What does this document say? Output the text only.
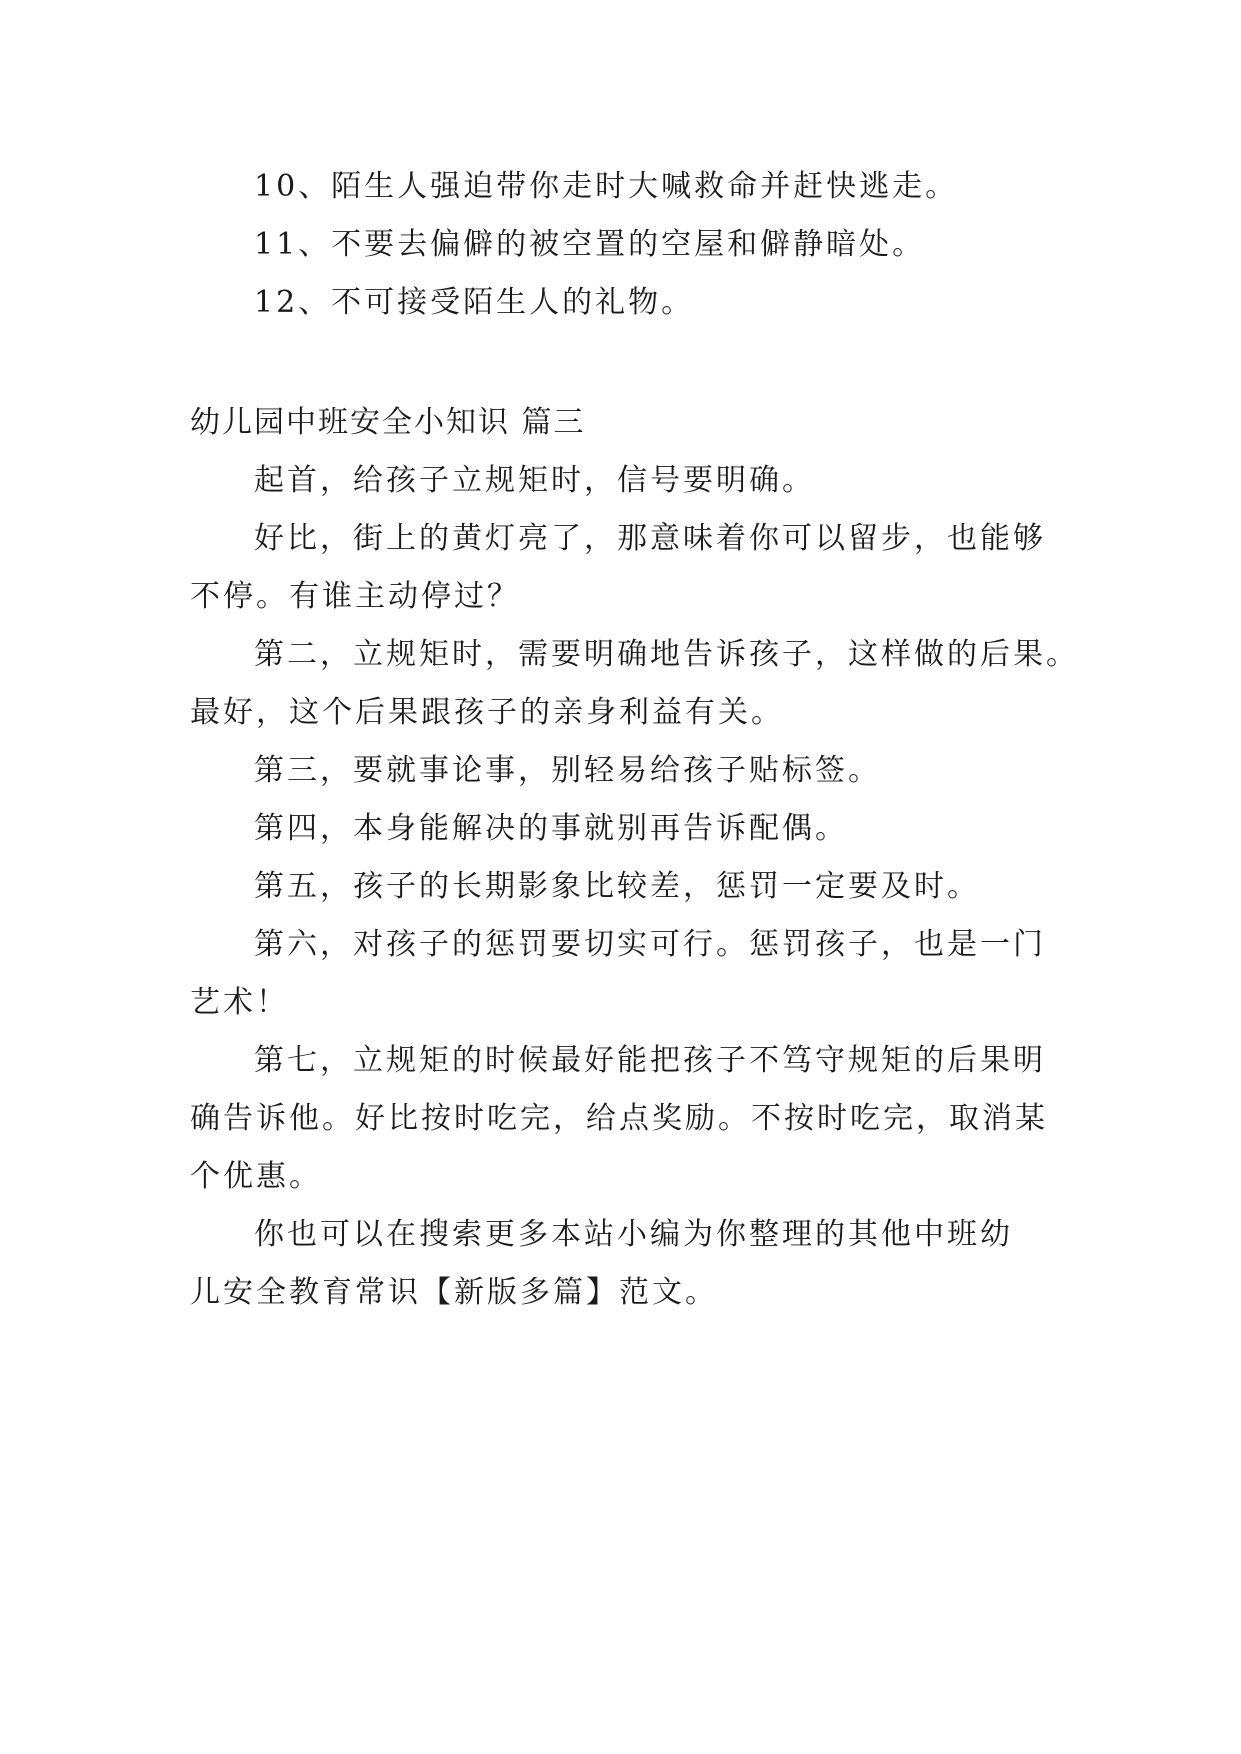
10、陌生人强迫带你走时大喊救命并赶快逃走。
11、不要去偏僻的被空置的空屋和僻静暗处。
12、不可接受陌生人的礼物。
幼儿园中班安全小知识 篇三
起首，给孩子立规矩时，信号要明确。
好比，街上的黄灯亮了，那意味着你可以留步，也能够
不停。有谁主动停过？
第二，立规矩时，需要明确地告诉孩子，这样做的后果。
最好，这个后果跟孩子的亲身利益有关。
第三，要就事论事，别轻易给孩子贴标签。
第四，本身能解决的事就别再告诉配偶。
第五，孩子的长期影象比较差，惩罚一定要及时。
第六，对孩子的惩罚要切实可行。惩罚孩子，也是一门
艺术！
第七，立规矩的时候最好能把孩子不笃守规矩的后果明
确告诉他。好比按时吃完，给点奖励。不按时吃完，取消某
个优惠。
你也可以在搜索更多本站小编为你整理的其他中班幼
儿安全教育常识【新版多篇】范文。
